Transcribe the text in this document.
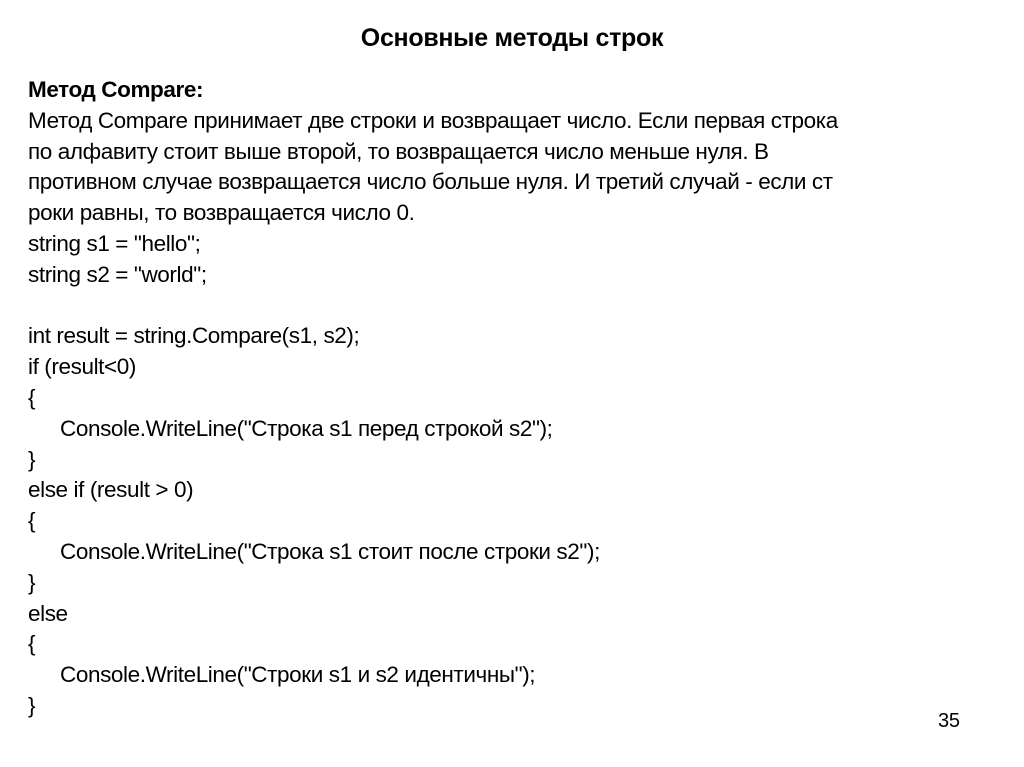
Основные методы строк
Метод Compare:
Метод Compare принимает две строки и возвращает число. Если первая строка
по алфавиту стоит выше второй, то возвращается число меньше нуля. В
противном случае возвращается число больше нуля. И третий случай - если ст
роки равны, то возвращается число 0.
string s1 = "hello";
string s2 = "world";
int result = string.Compare(s1, s2);
if (result<0)
{
Console.WriteLine("Строка s1 перед строкой s2");
}
else if (result > 0)
{
Console.WriteLine("Строка s1 стоит после строки s2");
}
else
{
Console.WriteLine("Строки s1 и s2 идентичны");
}
35
